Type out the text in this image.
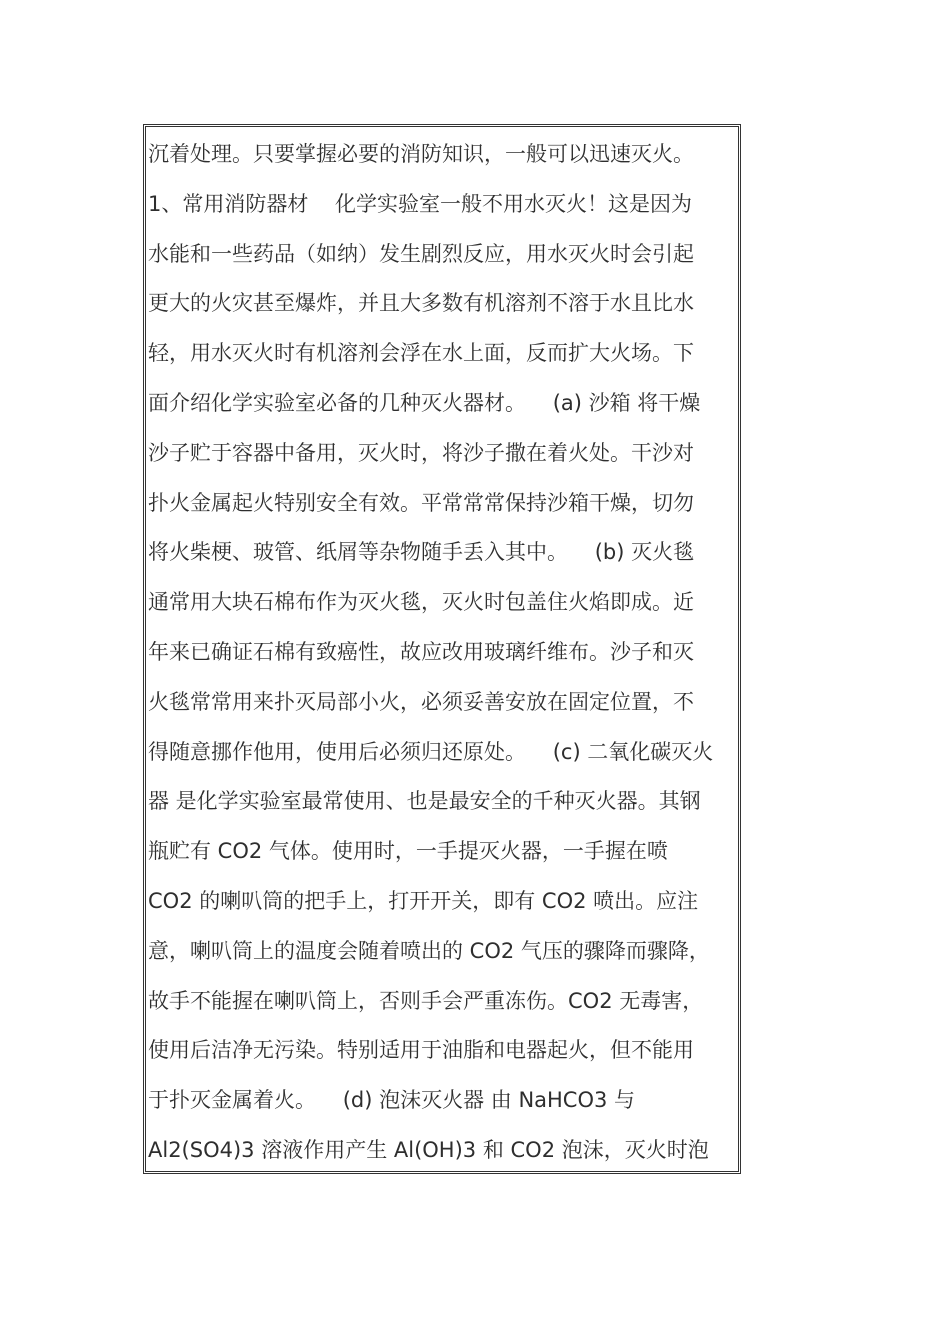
沉着处理。只要掌握必要的消防知识，一般可以迅速灭火。
1、常用消防器材    化学实验室一般不用水灭火！这是因为
水能和一些药品（如纳）发生剧烈反应，用水灭火时会引起
更大的火灾甚至爆炸，并且大多数有机溶剂不溶于水且比水
轻，用水灭火时有机溶剂会浮在水上面，反而扩大火场。下
面介绍化学实验室必备的几种灭火器材。    (a) 沙箱 将干燥
沙子贮于容器中备用，灭火时，将沙子撒在着火处。干沙对
扑火金属起火特别安全有效。平常常常保持沙箱干燥，切勿
将火柴梗、玻管、纸屑等杂物随手丢入其中。    (b) 灭火毯
通常用大块石棉布作为灭火毯，灭火时包盖住火焰即成。近
年来已确证石棉有致癌性，故应改用玻璃纤维布。沙子和灭
火毯常常用来扑灭局部小火，必须妥善安放在固定位置，不
得随意挪作他用，使用后必须归还原处。    (c) 二氧化碳灭火
器 是化学实验室最常使用、也是最安全的千种灭火器。其钢
瓶贮有 CO2 气体。使用时，一手提灭火器，一手握在喷
CO2 的喇叭筒的把手上，打开开关，即有 CO2 喷出。应注
意，喇叭筒上的温度会随着喷出的 CO2 气压的骤降而骤降，
故手不能握在喇叭筒上，否则手会严重冻伤。CO2 无毒害，
使用后洁净无污染。特别适用于油脂和电器起火，但不能用
于扑灭金属着火。    (d) 泡沫灭火器 由 NaHCO3 与
Al2(SO4)3 溶液作用产生 Al(OH)3 和 CO2 泡沫，灭火时泡
